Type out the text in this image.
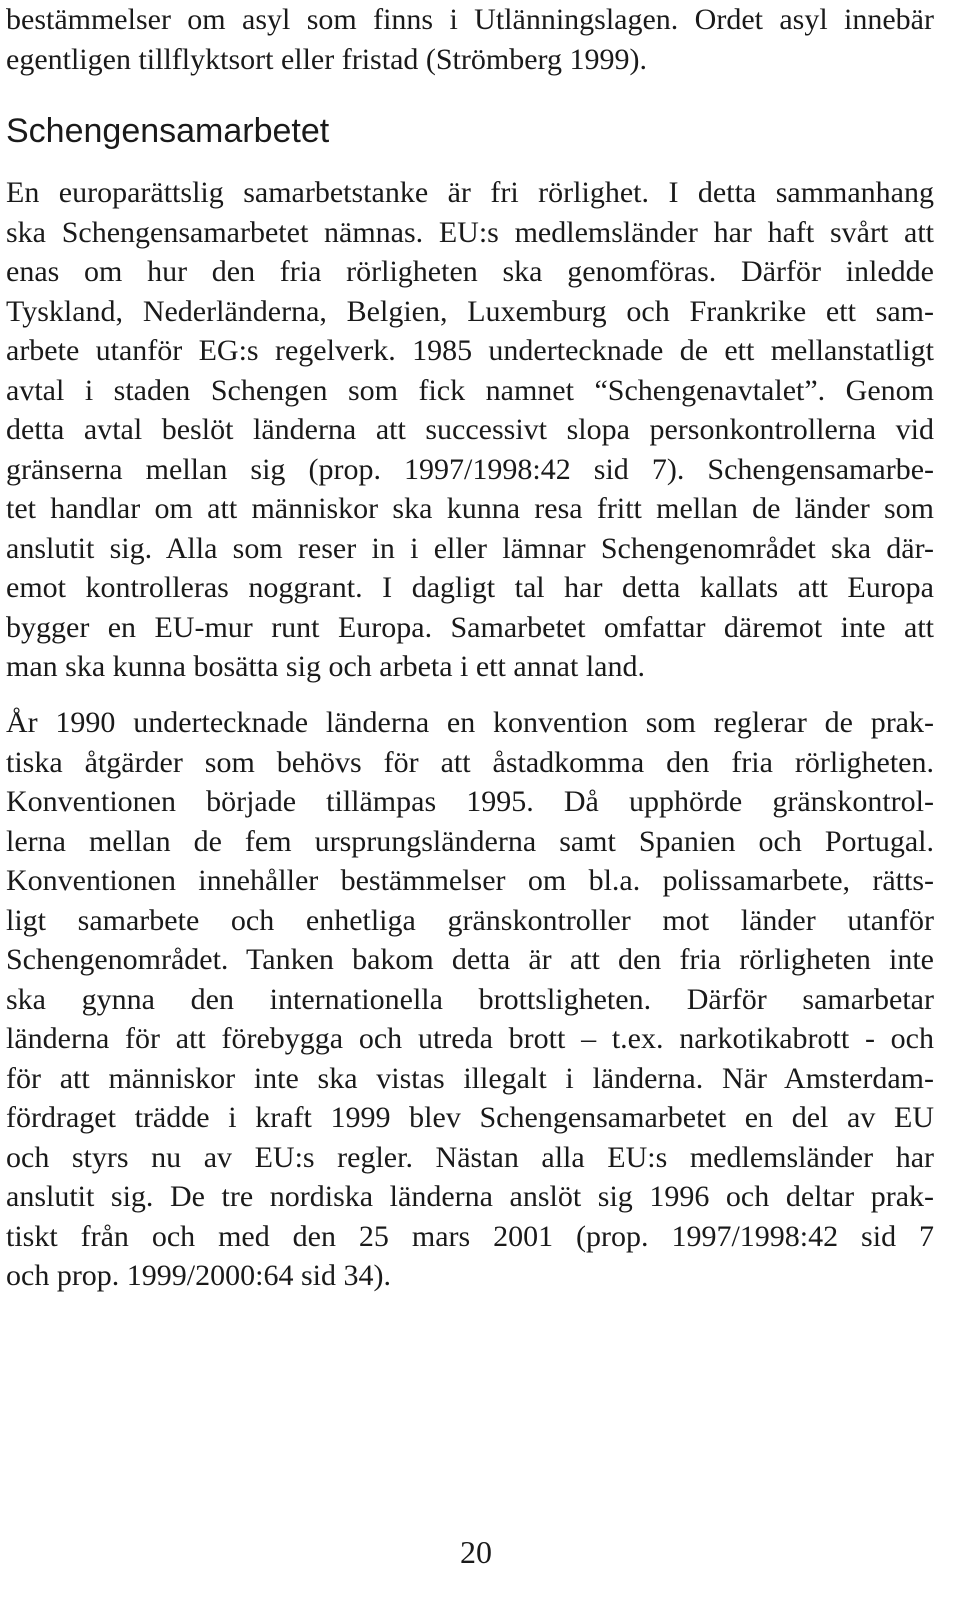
bestämmelser om asyl som finns i Utlänningslagen. Ordet asyl innebär
egentligen tillflyktsort eller fristad (Strömberg 1999).
Schengensamarbetet
En europarättslig samarbetstanke är fri rörlighet. I detta sammanhang
ska Schengensamarbetet nämnas. EU:s medlemsländer har haft svårt att
enas om hur den fria rörligheten ska genomföras. Därför inledde
Tyskland, Nederländerna, Belgien, Luxemburg och Frankrike ett sam-
arbete utanför EG:s regelverk. 1985 undertecknade de ett mellanstatligt
avtal i staden Schengen som fick namnet “Schengenavtalet”. Genom
detta avtal beslöt länderna att successivt slopa personkontrollerna vid
gränserna mellan sig (prop. 1997/1998:42 sid 7). Schengensamarbe-
tet handlar om att människor ska kunna resa fritt mellan de länder som
anslutit sig. Alla som reser in i eller lämnar Schengenområdet ska där-
emot kontrolleras noggrant. I dagligt tal har detta kallats att Europa
bygger en EU-mur runt Europa. Samarbetet omfattar däremot inte att
man ska kunna bosätta sig och arbeta i ett annat land.
År 1990 undertecknade länderna en konvention som reglerar de prak-
tiska åtgärder som behövs för att åstadkomma den fria rörligheten.
Konventionen började tillämpas 1995. Då upphörde gränskontrol-
lerna mellan de fem ursprungsländerna samt Spanien och Portugal.
Konventionen innehåller bestämmelser om bl.a. polissamarbete, rätts-
ligt samarbete och enhetliga gränskontroller mot länder utanför
Schengenområdet. Tanken bakom detta är att den fria rörligheten inte
ska gynna den internationella brottsligheten. Därför samarbetar
länderna för att förebygga och utreda brott – t.ex. narkotikabrott - och
för att människor inte ska vistas illegalt i länderna. När Amsterdam-
fördraget trädde i kraft 1999 blev Schengensamarbetet en del av EU
och styrs nu av EU:s regler. Nästan alla EU:s medlemsländer har
anslutit sig. De tre nordiska länderna anslöt sig 1996 och deltar prak-
tiskt från och med den 25 mars 2001 (prop. 1997/1998:42 sid 7
och prop. 1999/2000:64 sid 34).
20
